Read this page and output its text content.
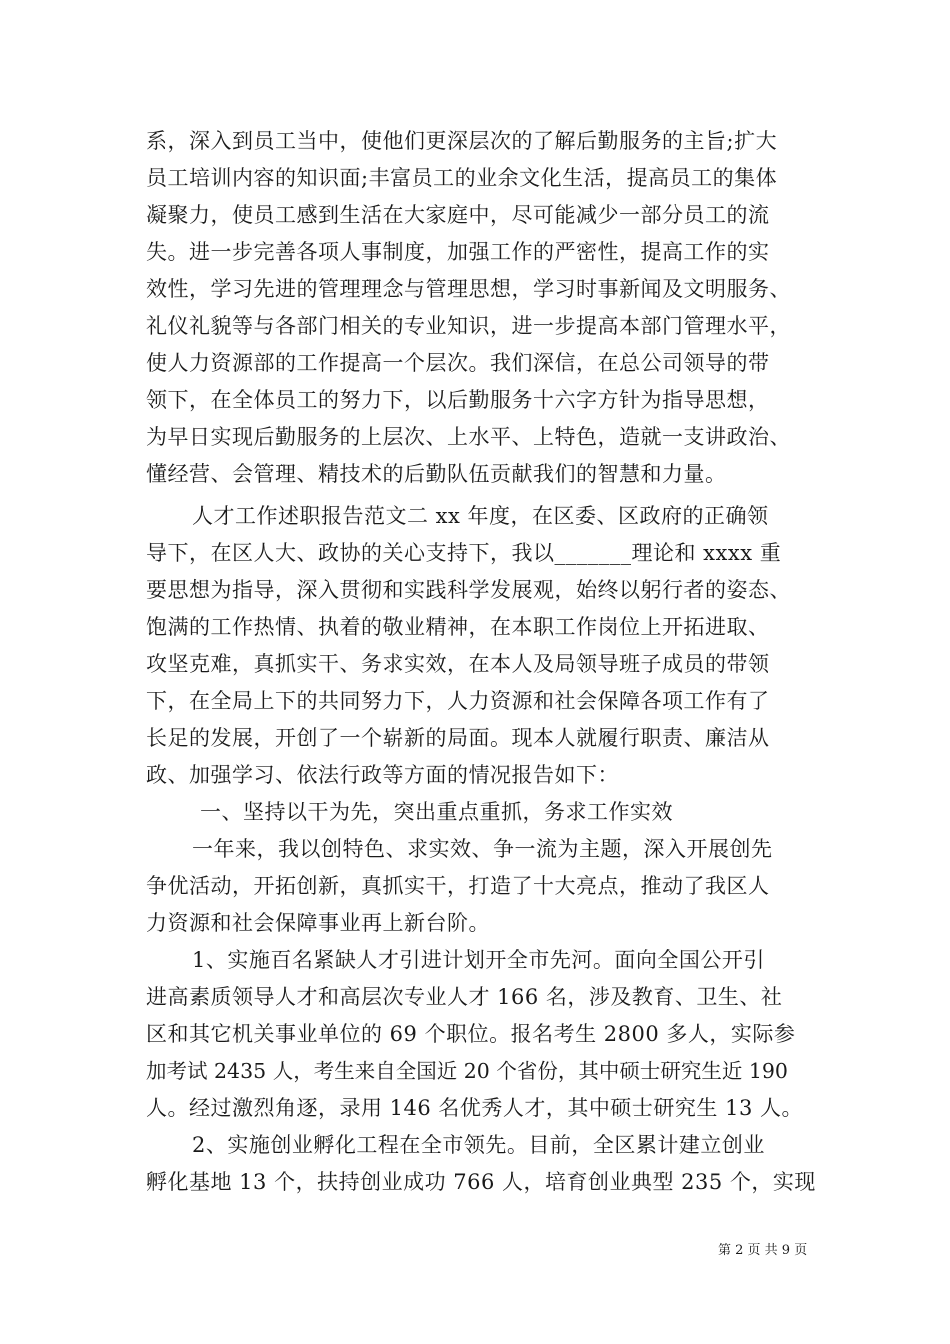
系，深入到员工当中，使他们更深层次的了解后勤服务的主旨;扩大
员工培训内容的知识面;丰富员工的业余文化生活，提高员工的集体
凝聚力，使员工感到生活在大家庭中，尽可能减少一部分员工的流
失。进一步完善各项人事制度，加强工作的严密性，提高工作的实
效性，学习先进的管理理念与管理思想，学习时事新闻及文明服务、
礼仪礼貌等与各部门相关的专业知识，进一步提高本部门管理水平，
使人力资源部的工作提高一个层次。我们深信，在总公司领导的带
领下，在全体员工的努力下，以后勤服务十六字方针为指导思想，
为早日实现后勤服务的上层次、上水平、上特色，造就一支讲政治、
懂经营、会管理、精技术的后勤队伍贡献我们的智慧和力量。
人才工作述职报告范文二 xx 年度，在区委、区政府的正确领
导下，在区人大、政协的关心支持下，我以_______理论和 xxxx 重
要思想为指导，深入贯彻和实践科学发展观，始终以躬行者的姿态、
饱满的工作热情、执着的敬业精神，在本职工作岗位上开拓进取、
攻坚克难，真抓实干、务求实效，在本人及局领导班子成员的带领
下，在全局上下的共同努力下，人力资源和社会保障各项工作有了
长足的发展，开创了一个崭新的局面。现本人就履行职责、廉洁从
政、加强学习、依法行政等方面的情况报告如下：
一、坚持以干为先，突出重点重抓，务求工作实效
一年来，我以创特色、求实效、争一流为主题，深入开展创先
争优活动，开拓创新，真抓实干，打造了十大亮点，推动了我区人
力资源和社会保障事业再上新台阶。
1、实施百名紧缺人才引进计划开全市先河。面向全国公开引
进高素质领导人才和高层次专业人才 166 名，涉及教育、卫生、社
区和其它机关事业单位的 69 个职位。报名考生 2800 多人，实际参
加考试 2435 人，考生来自全国近 20 个省份，其中硕士研究生近 190
人。经过激烈角逐，录用 146 名优秀人才，其中硕士研究生 13 人。
2、实施创业孵化工程在全市领先。目前，全区累计建立创业
孵化基地 13 个，扶持创业成功 766 人，培育创业典型 235 个，实现
第 2 页 共 9 页
